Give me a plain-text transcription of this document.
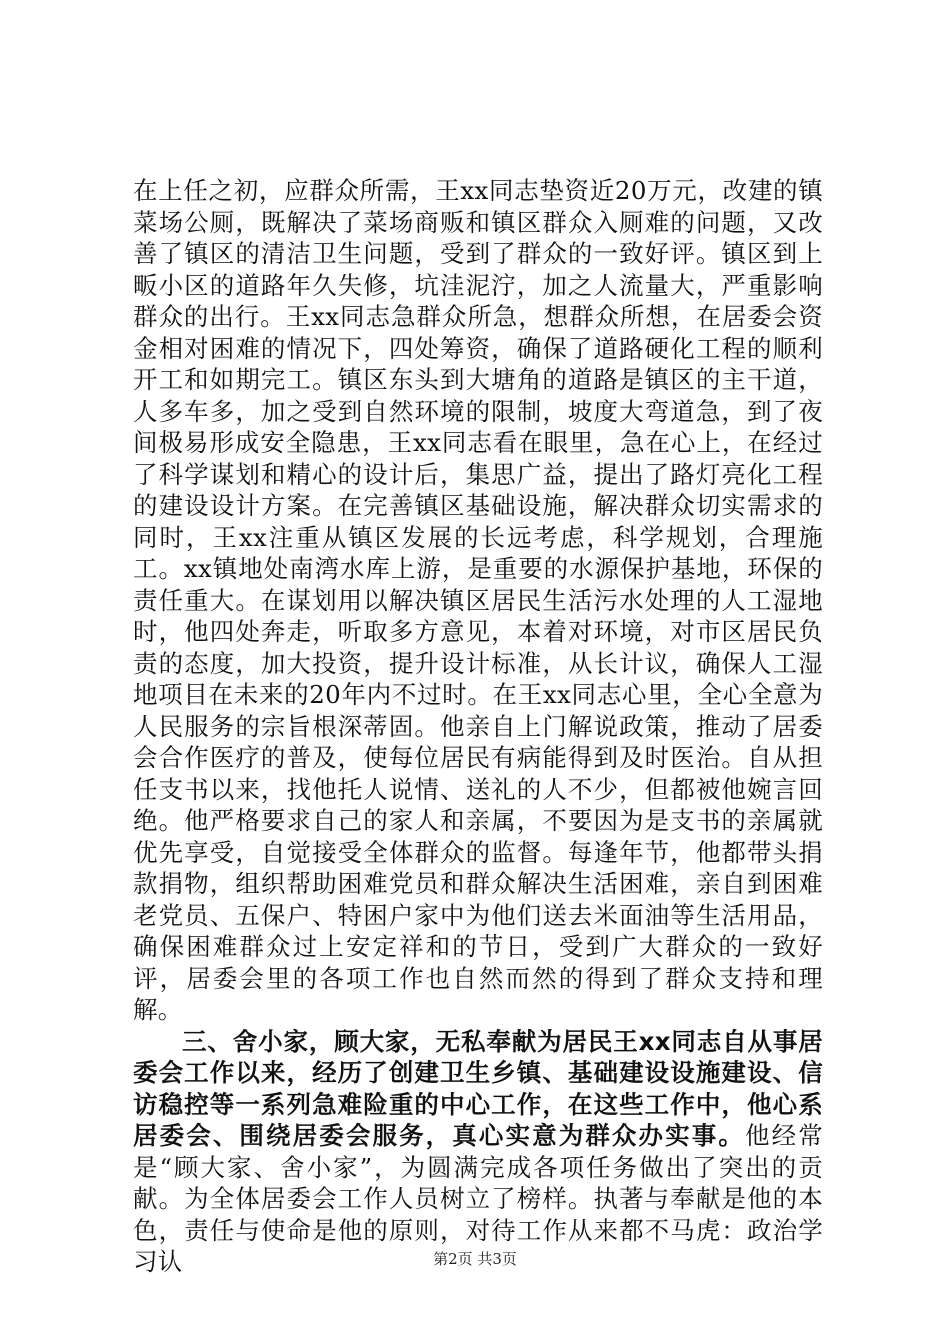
在上任之初，应群众所需，王xx同志垫资近20万元，改建的镇菜场公厕，既解决了菜场商贩和镇区群众入厕难的问题，又改善了镇区的清洁卫生问题，受到了群众的一致好评。镇区到上畈小区的道路年久失修，坑洼泥泞，加之人流量大，严重影响群众的出行。王xx同志急群众所急，想群众所想，在居委会资金相对困难的情况下，四处筹资，确保了道路硬化工程的顺利开工和如期完工。镇区东头到大塘角的道路是镇区的主干道，人多车多，加之受到自然环境的限制，坡度大弯道急，到了夜间极易形成安全隐患，王xx同志看在眼里，急在心上，在经过了科学谋划和精心的设计后，集思广益，提出了路灯亮化工程的建设设计方案。在完善镇区基础设施，解决群众切实需求的同时，王xx注重从镇区发展的长远考虑，科学规划，合理施工。xx镇地处南湾水库上游，是重要的水源保护基地，环保的责任重大。在谋划用以解决镇区居民生活污水处理的人工湿地时，他四处奔走，听取多方意见，本着对环境，对市区居民负责的态度，加大投资，提升设计标准，从长计议，确保人工湿地项目在未来的20年内不过时。在王xx同志心里，全心全意为人民服务的宗旨根深蒂固。他亲自上门解说政策，推动了居委会合作医疗的普及，使每位居民有病能得到及时医治。自从担任支书以来，找他托人说情、送礼的人不少，但都被他婉言回绝。他严格要求自己的家人和亲属，不要因为是支书的亲属就优先享受，自觉接受全体群众的监督。每逢年节，他都带头捐款捐物，组织帮助困难党员和群众解决生活困难，亲自到困难老党员、五保户、特困户家中为他们送去米面油等生活用品，确保困难群众过上安定祥和的节日，受到广大群众的一致好评，居委会里的各项工作也自然而然的得到了群众支持和理解。

三、舍小家，顾大家，无私奉献为居民王xx同志自从事居委会工作以来，经历了创建卫生乡镇、基础建设设施建设、信访稳控等一系列急难险重的中心工作，在这些工作中，他心系居委会、围绕居委会服务，真心实意为群众办实事。他经常是“顾大家、舍小家”，为圆满完成各项任务做出了突出的贡献。为全体居委会工作人员树立了榜样。执著与奉献是他的本色，责任与使命是他的原则，对待工作从来都不马虎：政治学习认	第2页 共3页
